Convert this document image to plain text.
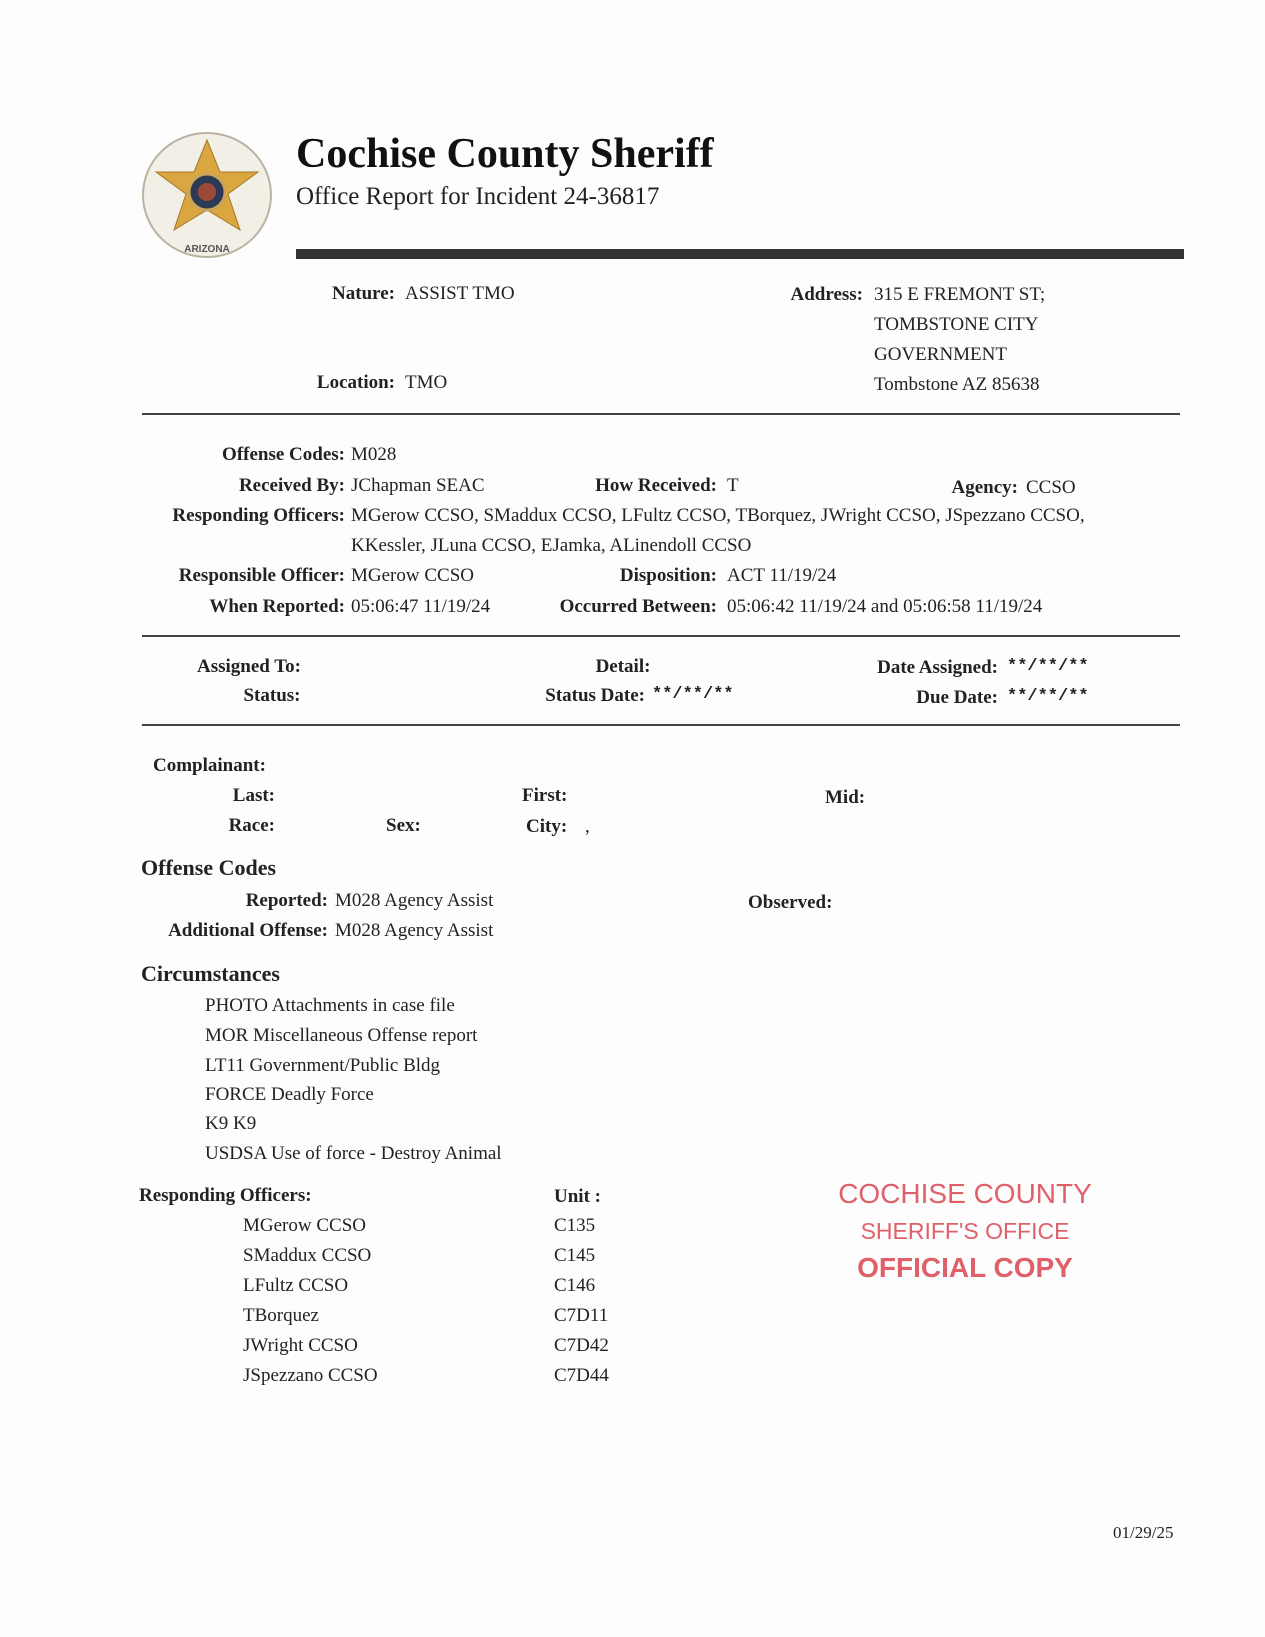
ARIZONA
Cochise County Sheriff
Office Report for Incident 24-36817
Nature: ASSIST TMO
Location: TMO
Address: 315 E FREMONT ST;
TOMBSTONE CITY
GOVERNMENT
Tombstone AZ 85638
Offense Codes: M028
Received By: JChapman SEAC	How Received: T	Agency: CCSO
Responding Officers: MGerow CCSO, SMaddux CCSO, LFultz CCSO, TBorquez, JWright CCSO, JSpezzano CCSO,
KKessler, JLuna CCSO, EJamka, ALinendoll CCSO
Responsible Officer: MGerow CCSO	Disposition: ACT 11/19/24
When Reported: 05:06:47 11/19/24	Occurred Between: 05:06:42 11/19/24 and 05:06:58 11/19/24
Assigned To:
Status:
Detail:
Status Date: **/**/**
Date Assigned: **/**/**
Due Date: **/**/**
Complainant:
Last:	First:	Mid:
Race:	Sex:	City: ,
Offense Codes
Reported: M028 Agency Assist
Additional Offense: M028 Agency Assist
Observed:
Circumstances
PHOTO Attachments in case file
MOR Miscellaneous Offense report
LT11 Government/Public Bldg
FORCE Deadly Force
K9 K9
USDSA Use of force - Destroy Animal
Responding Officers:	Unit :
MGerow CCSO	C135
SMaddux CCSO	C145
LFultz CCSO	C146
TBorquez	C7D11
JWright CCSO	C7D42
JSpezzano CCSO	C7D44
COCHISE COUNTY
SHERIFF'S OFFICE
OFFICIAL COPY
01/29/25
